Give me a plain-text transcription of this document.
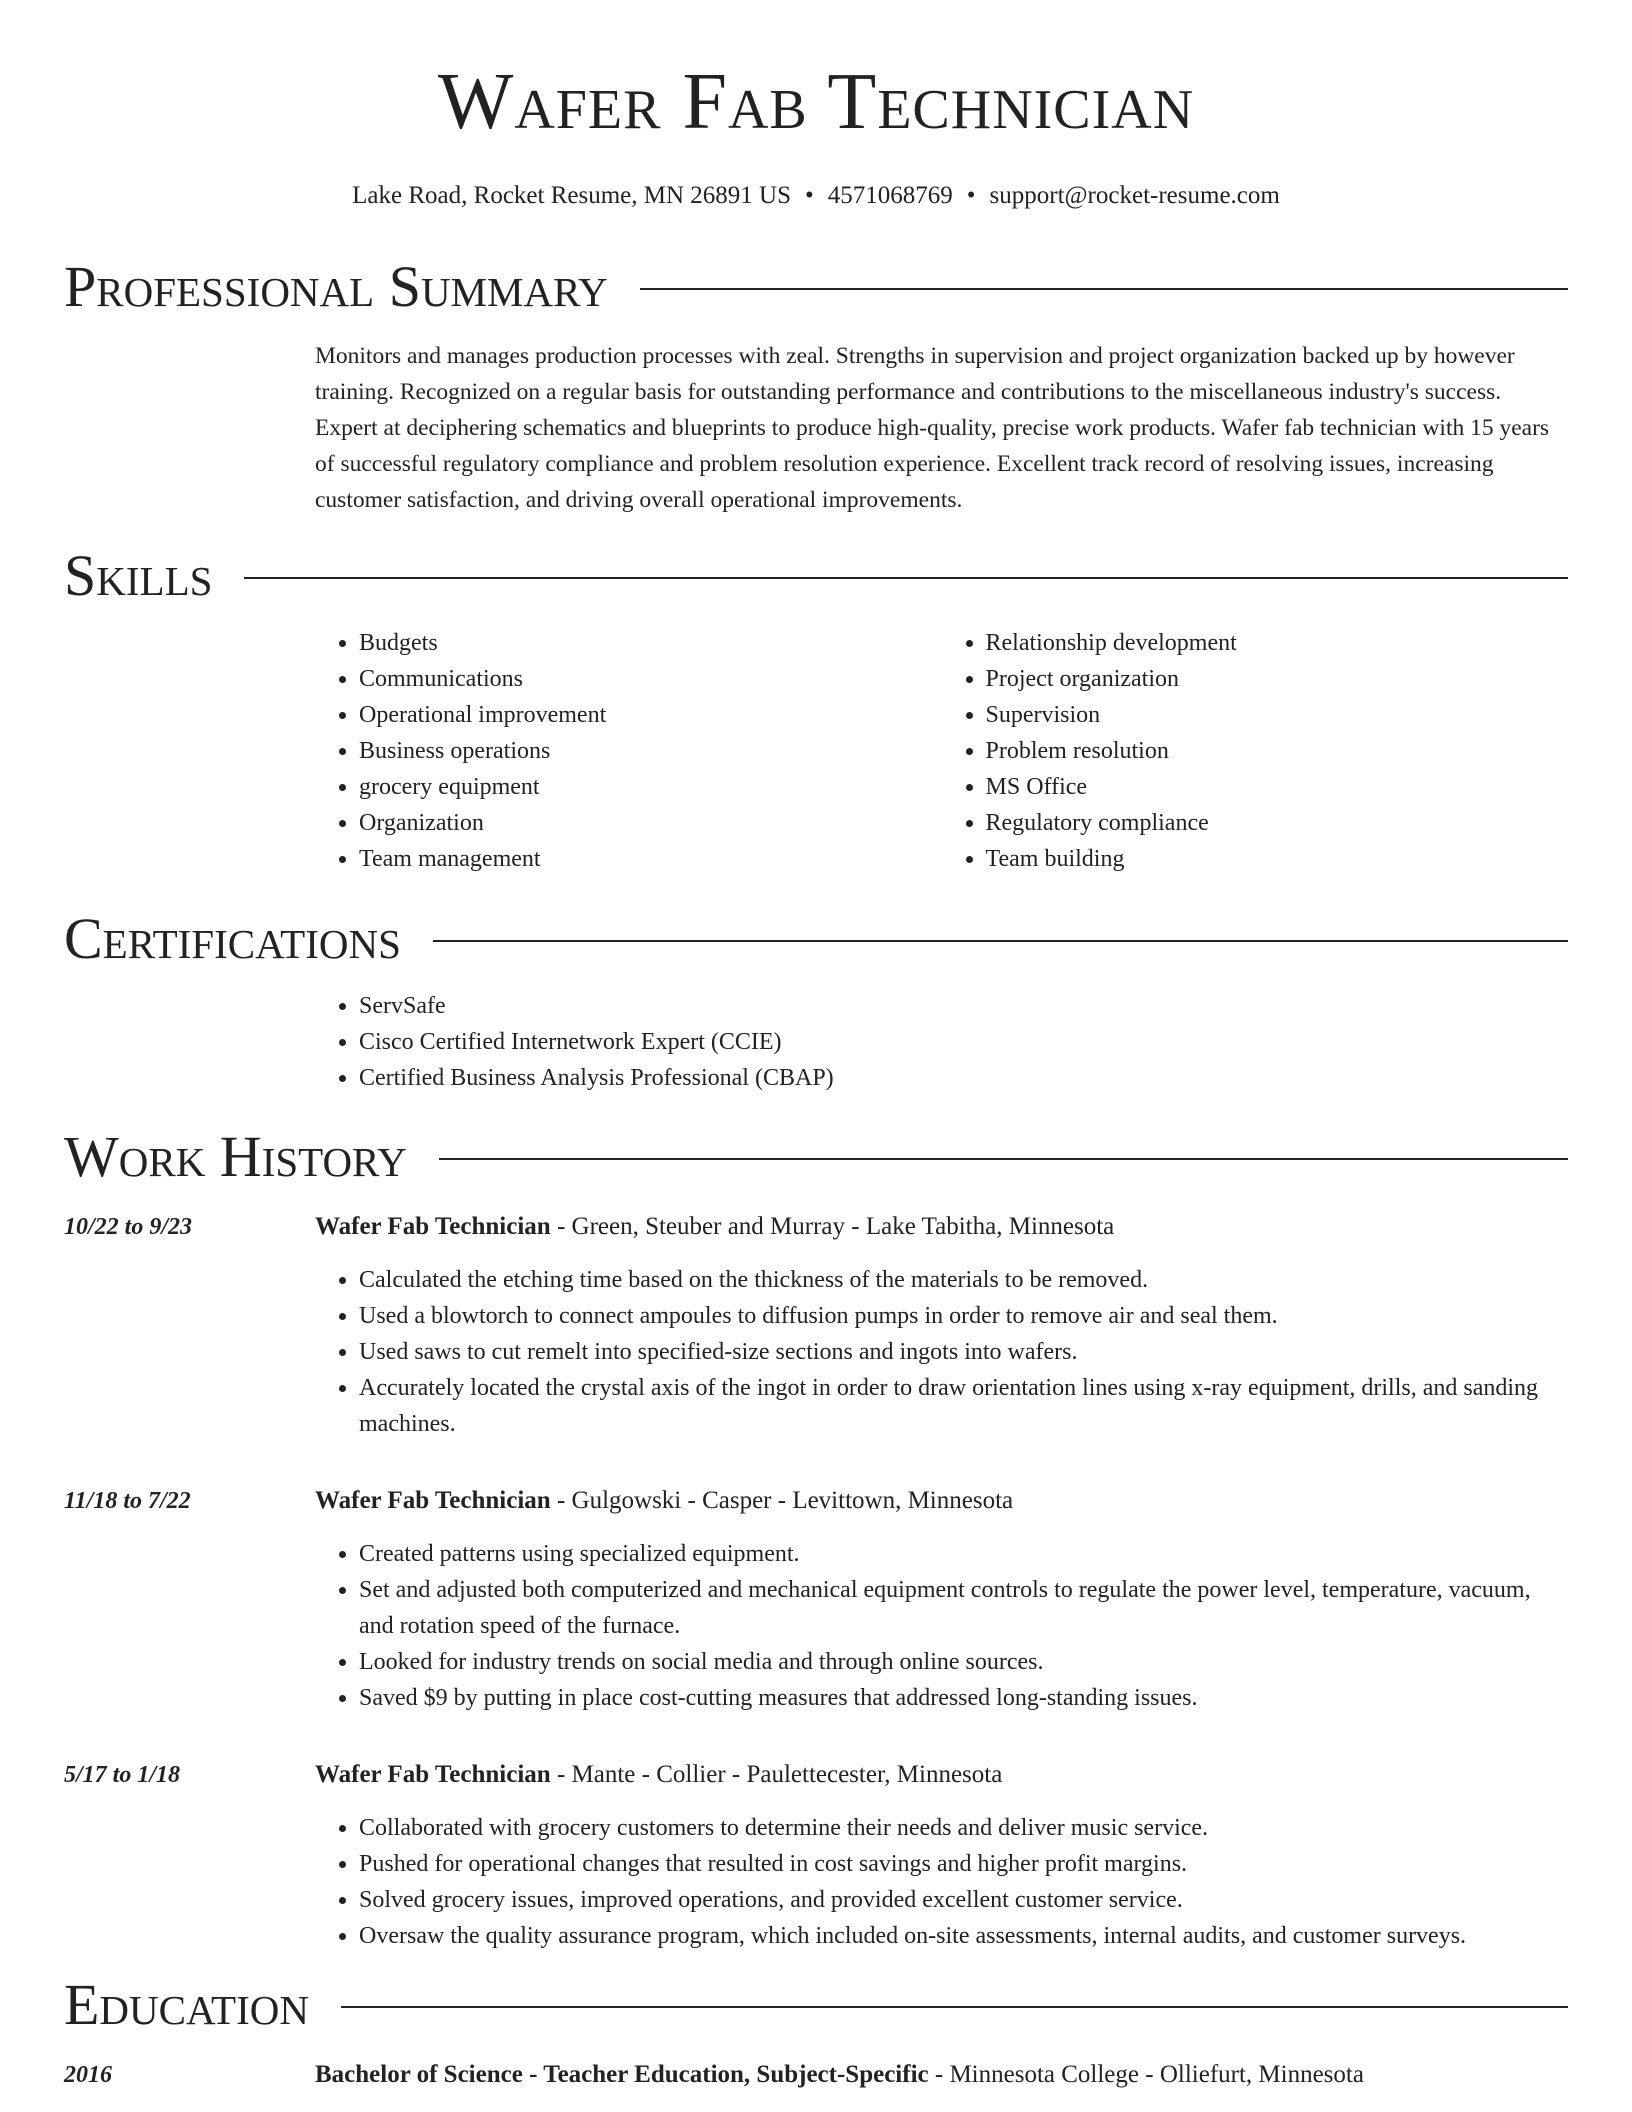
Wafer Fab Technician
Lake Road, Rocket Resume, MN 26891 US • 4571068769 • support@rocket-resume.com
Professional Summary
Monitors and manages production processes with zeal. Strengths in supervision and project organization backed up by however training. Recognized on a regular basis for outstanding performance and contributions to the miscellaneous industry's success. Expert at deciphering schematics and blueprints to produce high-quality, precise work products. Wafer fab technician with 15 years of successful regulatory compliance and problem resolution experience. Excellent track record of resolving issues, increasing customer satisfaction, and driving overall operational improvements.
Skills
• Budgets
• Communications
• Operational improvement
• Business operations
• grocery equipment
• Organization
• Team management
• Relationship development
• Project organization
• Supervision
• Problem resolution
• MS Office
• Regulatory compliance
• Team building
Certifications
• ServSafe
• Cisco Certified Internetwork Expert (CCIE)
• Certified Business Analysis Professional (CBAP)
Work History
10/22 to 9/23	Wafer Fab Technician - Green, Steuber and Murray - Lake Tabitha, Minnesota
• Calculated the etching time based on the thickness of the materials to be removed.
• Used a blowtorch to connect ampoules to diffusion pumps in order to remove air and seal them.
• Used saws to cut remelt into specified-size sections and ingots into wafers.
• Accurately located the crystal axis of the ingot in order to draw orientation lines using x-ray equipment, drills, and sanding machines.
11/18 to 7/22	Wafer Fab Technician - Gulgowski - Casper - Levittown, Minnesota
• Created patterns using specialized equipment.
• Set and adjusted both computerized and mechanical equipment controls to regulate the power level, temperature, vacuum, and rotation speed of the furnace.
• Looked for industry trends on social media and through online sources.
• Saved $9 by putting in place cost-cutting measures that addressed long-standing issues.
5/17 to 1/18	Wafer Fab Technician - Mante - Collier - Paulettecester, Minnesota
• Collaborated with grocery customers to determine their needs and deliver music service.
• Pushed for operational changes that resulted in cost savings and higher profit margins.
• Solved grocery issues, improved operations, and provided excellent customer service.
• Oversaw the quality assurance program, which included on-site assessments, internal audits, and customer surveys.
Education
2016	Bachelor of Science - Teacher Education, Subject-Specific - Minnesota College - Olliefurt, Minnesota
